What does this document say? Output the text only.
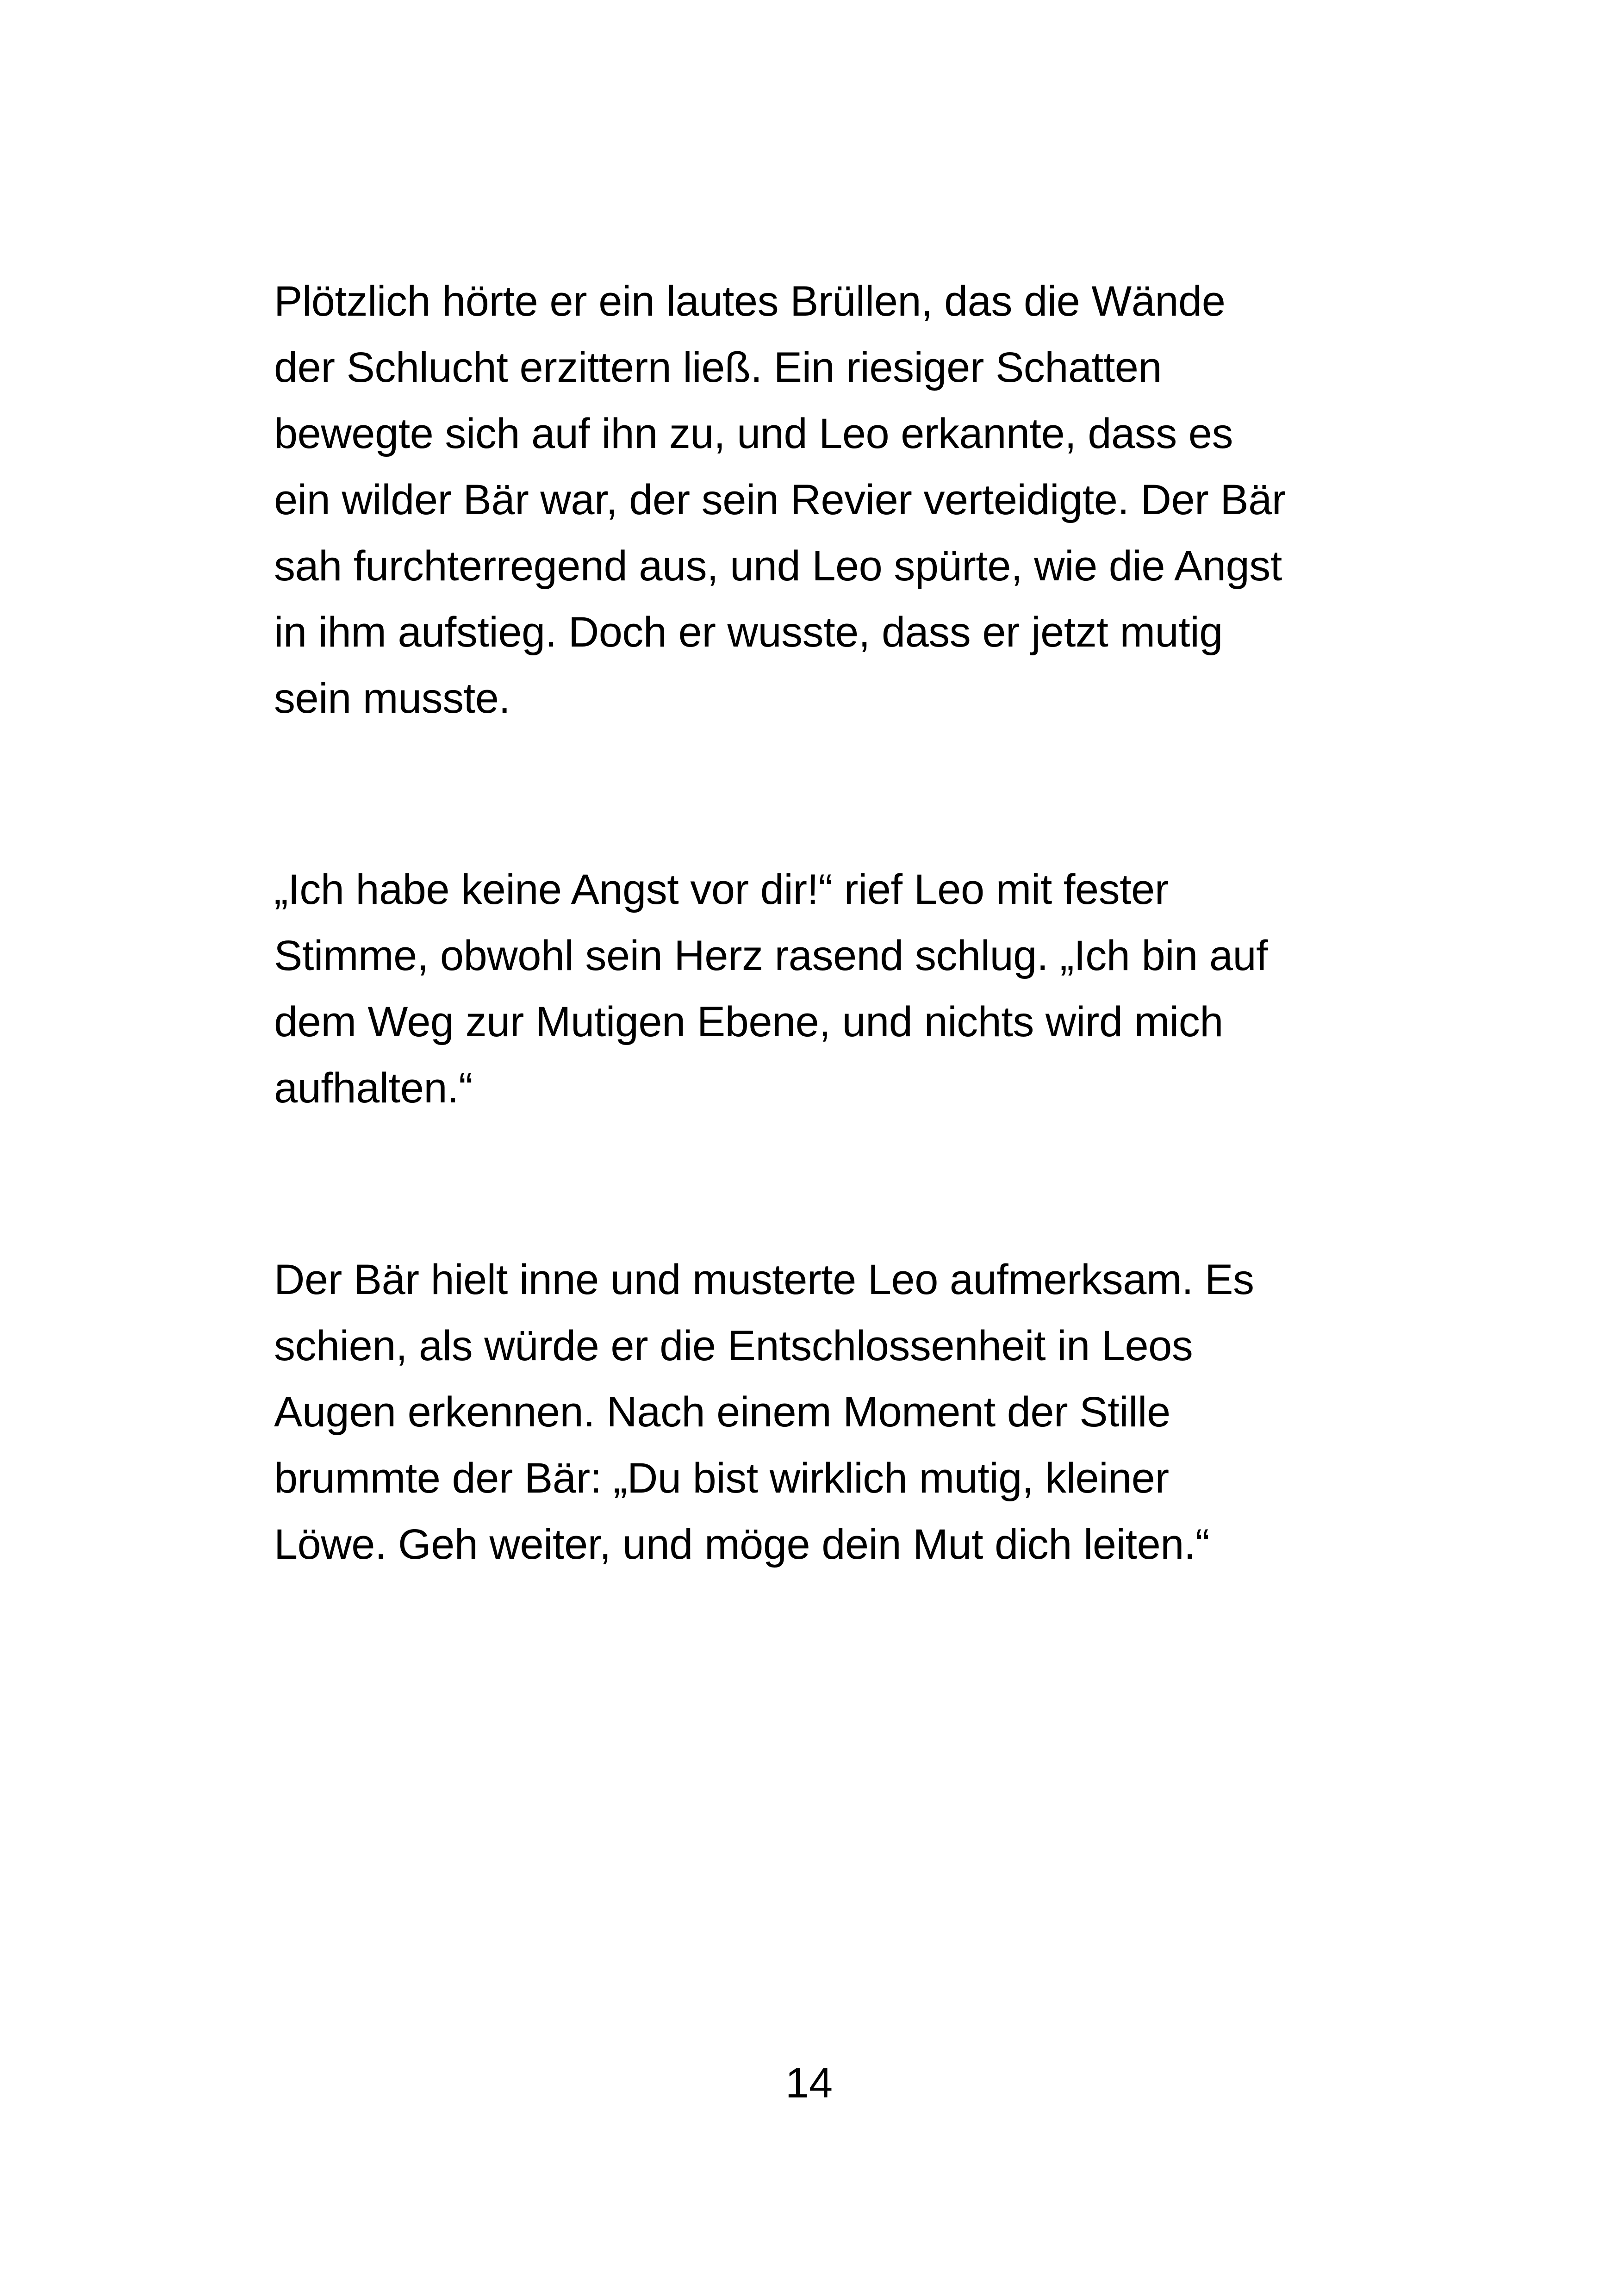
Plötzlich hörte er ein lautes Brüllen, das die Wände
der Schlucht erzittern ließ. Ein riesiger Schatten
bewegte sich auf ihn zu, und Leo erkannte, dass es
ein wilder Bär war, der sein Revier verteidigte. Der Bär
sah furchterregend aus, und Leo spürte, wie die Angst
in ihm aufstieg. Doch er wusste, dass er jetzt mutig
sein musste.
„Ich habe keine Angst vor dir!“ rief Leo mit fester
Stimme, obwohl sein Herz rasend schlug. „Ich bin auf
dem Weg zur Mutigen Ebene, und nichts wird mich
aufhalten.“
Der Bär hielt inne und musterte Leo aufmerksam. Es
schien, als würde er die Entschlossenheit in Leos
Augen erkennen. Nach einem Moment der Stille
brummte der Bär: „Du bist wirklich mutig, kleiner
Löwe. Geh weiter, und möge dein Mut dich leiten.“
14
